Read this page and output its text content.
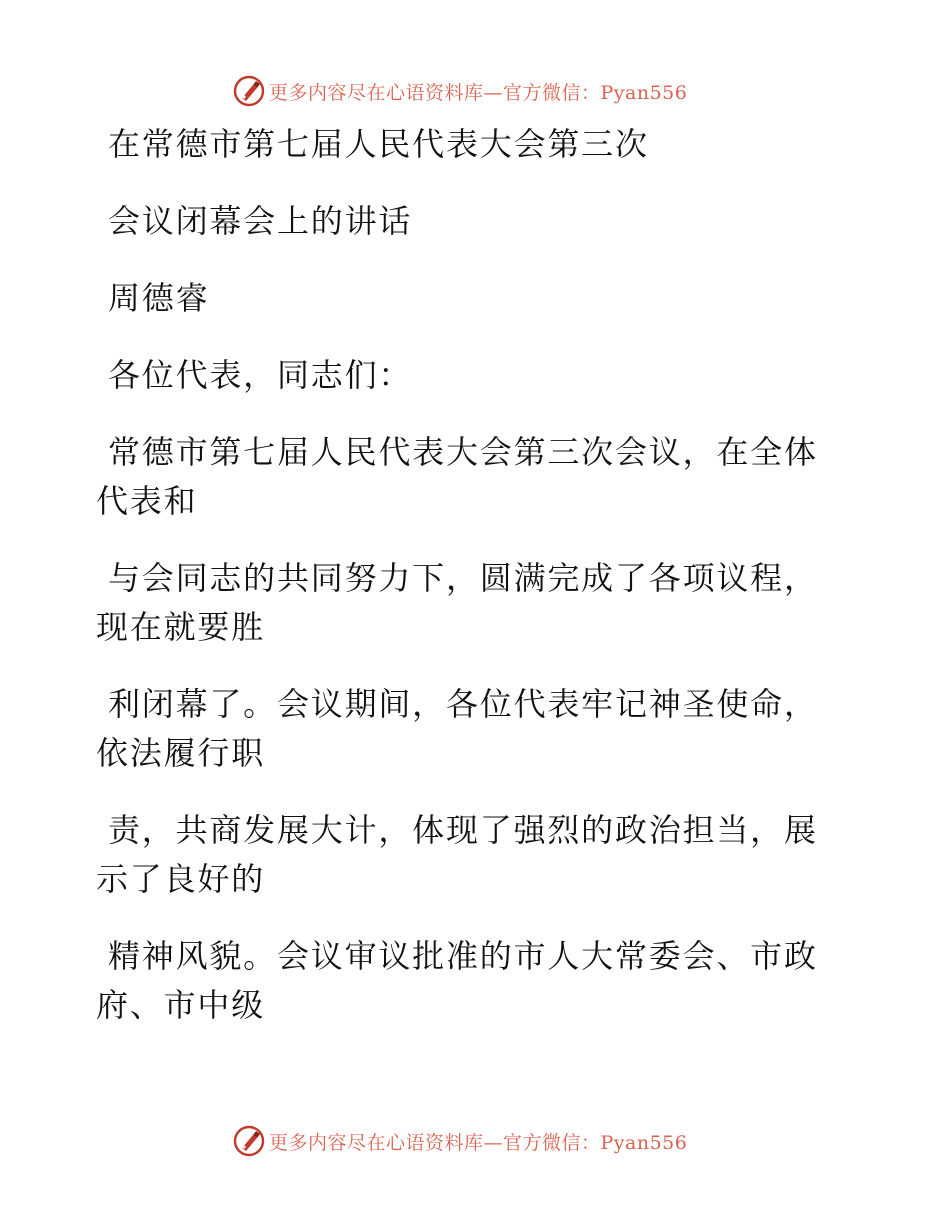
更多内容尽在心语资料库—官方微信：Pyan556

在常德市第七届人民代表大会第三次

会议闭幕会上的讲话

周德睿

各位代表，同志们：

常德市第七届人民代表大会第三次会议，在全体代表和

与会同志的共同努力下，圆满完成了各项议程，现在就要胜

利闭幕了。会议期间，各位代表牢记神圣使命，依法履行职

责，共商发展大计，体现了强烈的政治担当，展示了良好的

精神风貌。会议审议批准的市人大常委会、市政府、市中级

更多内容尽在心语资料库—官方微信：Pyan556
